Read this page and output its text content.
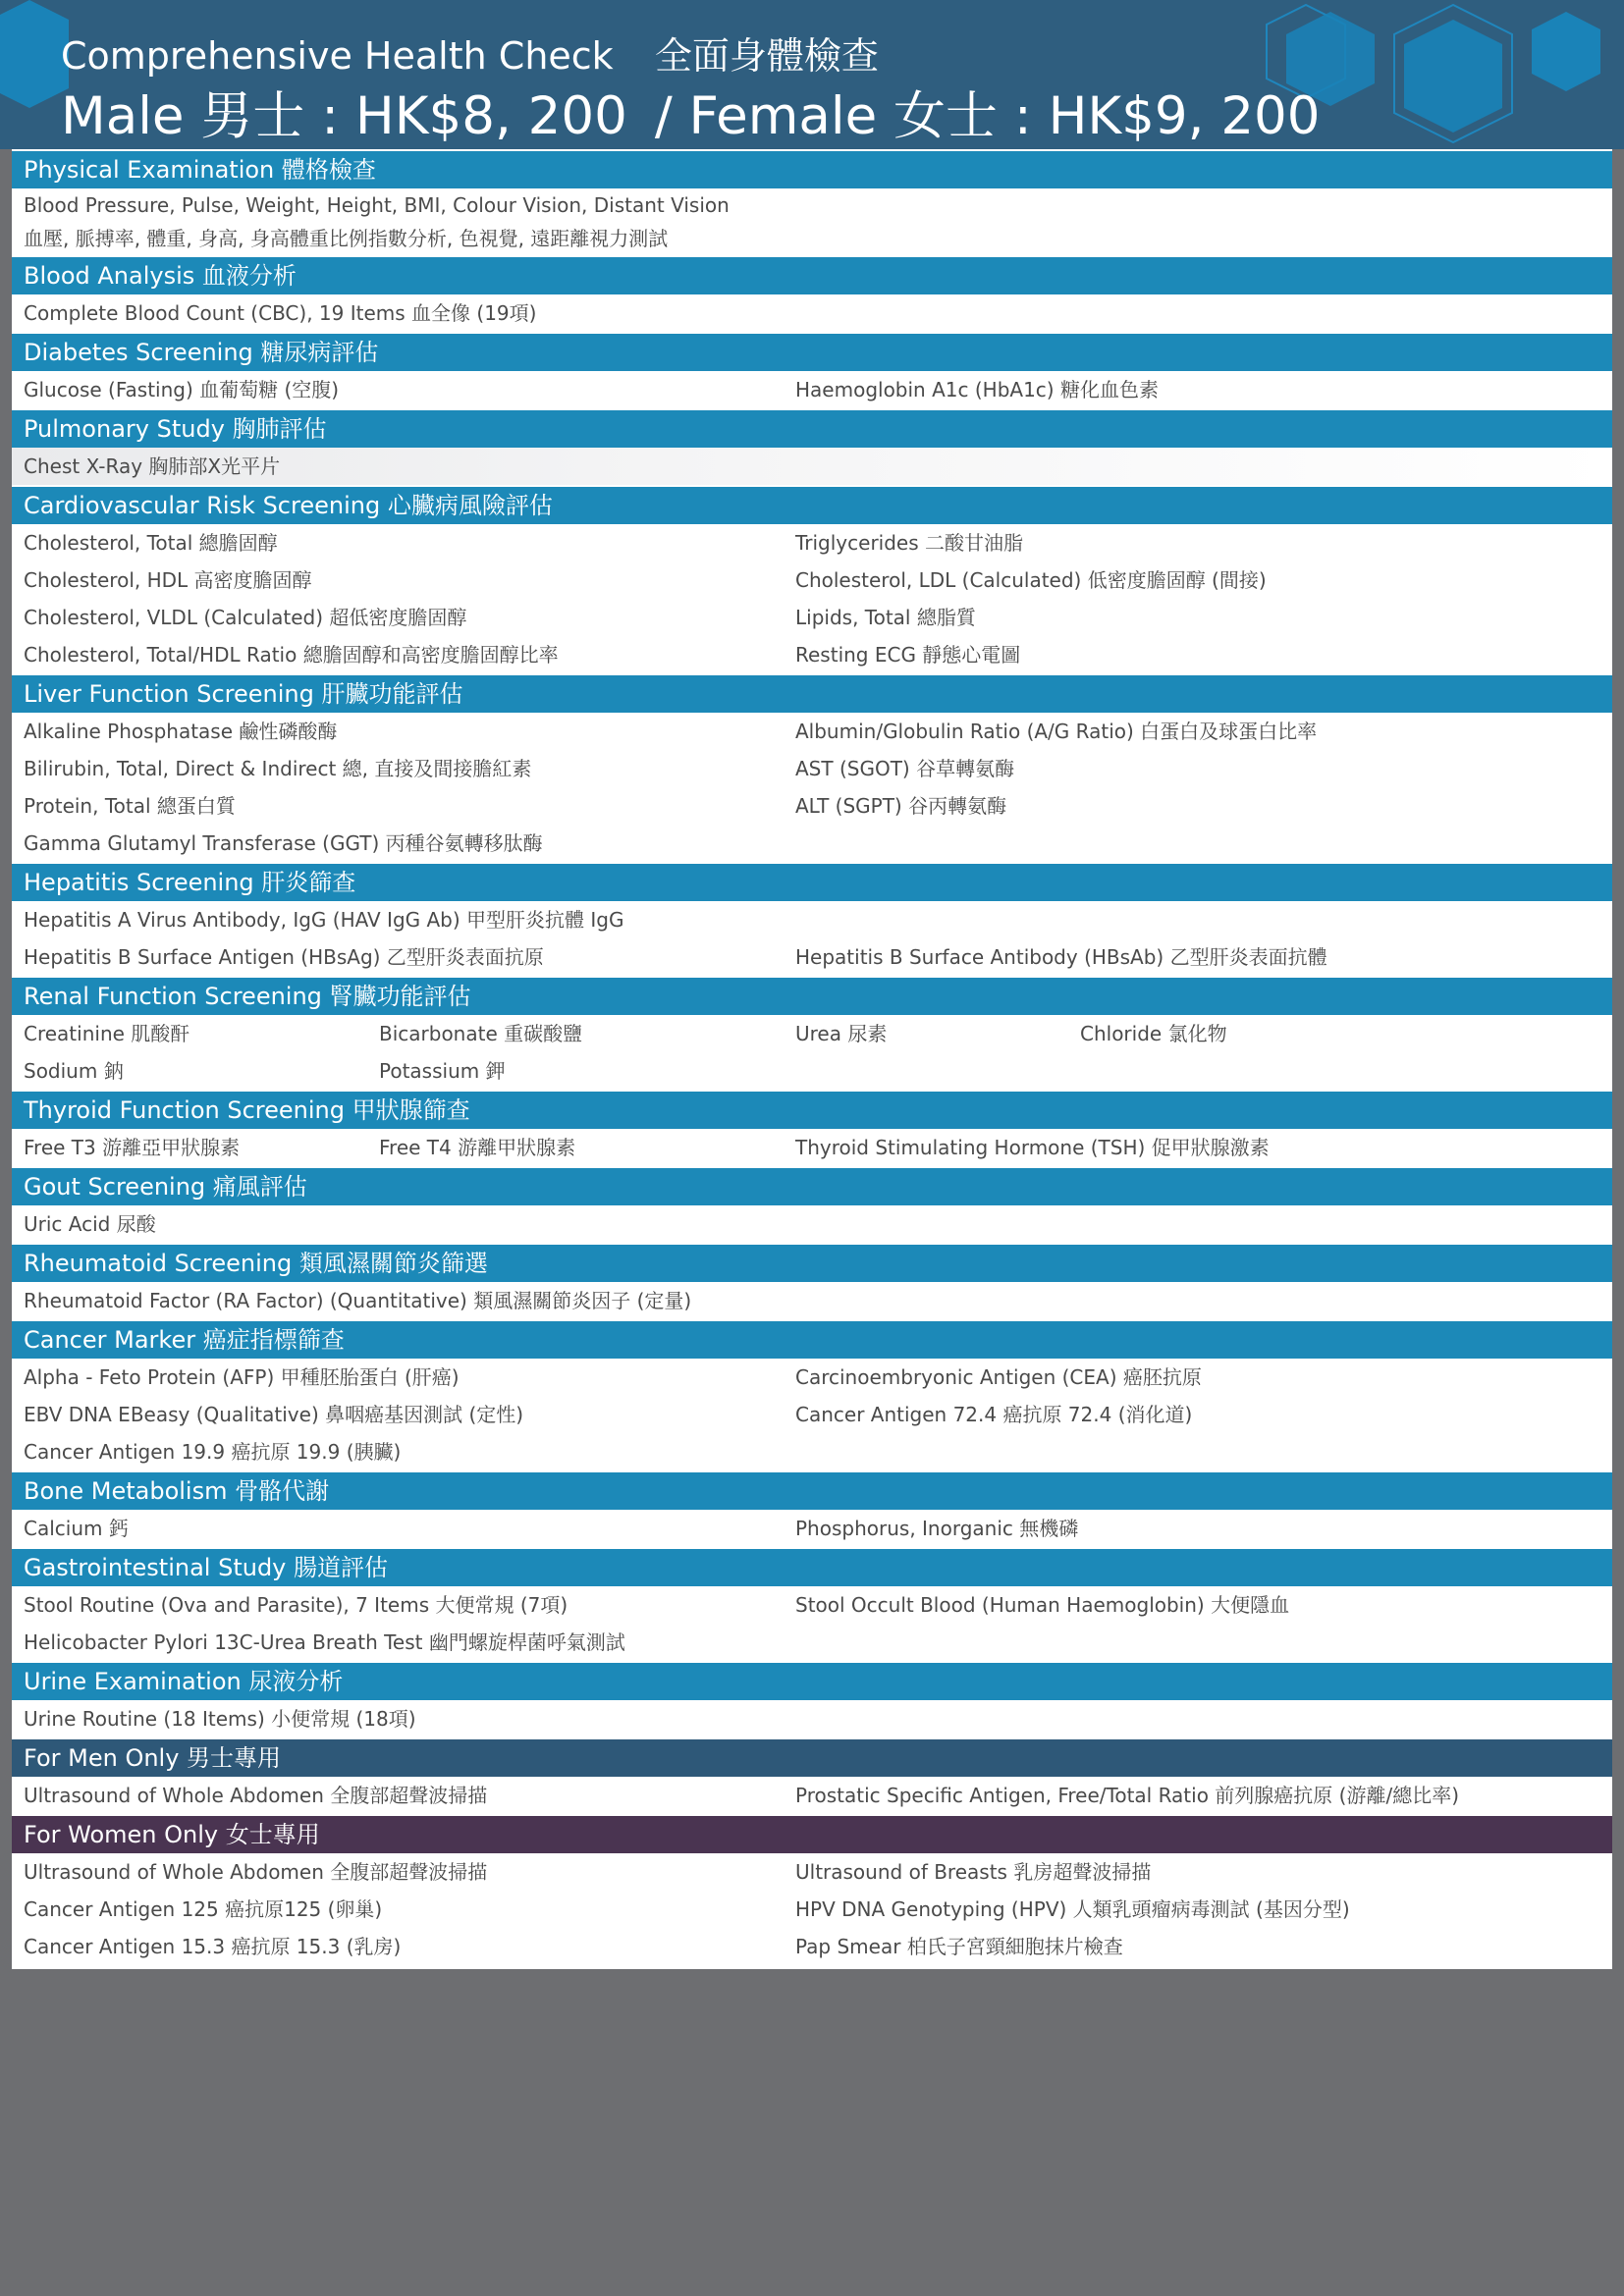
Comprehensive Health Check 全面身體檢查
Male 男士 : HK$8, 200 / Female 女士 : HK$9, 200
Physical Examination 體格檢查
Blood Pressure, Pulse, Weight, Height, BMI, Colour Vision, Distant Vision
血壓, 脈搏率, 體重, 身高, 身高體重比例指數分析, 色視覺, 遠距離視力測試
Blood Analysis 血液分析
Complete Blood Count (CBC), 19 Items 血全像 (19項)
Diabetes Screening 糖尿病評估
Glucose (Fasting) 血葡萄糖 (空腹)	Haemoglobin A1c (HbA1c) 糖化血色素
Pulmonary Study 胸肺評估
Chest X-Ray 胸肺部X光平片
Cardiovascular Risk Screening 心臟病風險評估
Cholesterol, Total 總膽固醇	Triglycerides 二酸甘油脂
Cholesterol, HDL 高密度膽固醇	Cholesterol, LDL (Calculated) 低密度膽固醇 (間接)
Cholesterol, VLDL (Calculated) 超低密度膽固醇	Lipids, Total 總脂質
Cholesterol, Total/HDL Ratio 總膽固醇和高密度膽固醇比率	Resting ECG 靜態心電圖
Liver Function Screening 肝臟功能評估
Alkaline Phosphatase 鹼性磷酸酶	Albumin/Globulin Ratio (A/G Ratio) 白蛋白及球蛋白比率
Bilirubin, Total, Direct & Indirect 總, 直接及間接膽紅素	AST (SGOT) 谷草轉氨酶
Protein, Total 總蛋白質	ALT (SGPT) 谷丙轉氨酶
Gamma Glutamyl Transferase (GGT) 丙種谷氨轉移肽酶
Hepatitis Screening 肝炎篩查
Hepatitis A Virus Antibody, IgG (HAV IgG Ab) 甲型肝炎抗體 IgG
Hepatitis B Surface Antigen (HBsAg) 乙型肝炎表面抗原	Hepatitis B Surface Antibody (HBsAb) 乙型肝炎表面抗體
Renal Function Screening 腎臟功能評估
Creatinine 肌酸酐	Bicarbonate 重碳酸鹽	Urea 尿素	Chloride 氯化物
Sodium 鈉	Potassium 鉀
Thyroid Function Screening 甲狀腺篩查
Free T3 游離亞甲狀腺素	Free T4 游離甲狀腺素	Thyroid Stimulating Hormone (TSH) 促甲狀腺激素
Gout Screening 痛風評估
Uric Acid 尿酸
Rheumatoid Screening 類風濕關節炎篩選
Rheumatoid Factor (RA Factor) (Quantitative) 類風濕關節炎因子 (定量)
Cancer Marker 癌症指標篩查
Alpha - Feto Protein (AFP) 甲種胚胎蛋白 (肝癌)	Carcinoembryonic Antigen (CEA) 癌胚抗原
EBV DNA EBeasy (Qualitative) 鼻咽癌基因測試 (定性)	Cancer Antigen 72.4 癌抗原 72.4 (消化道)
Cancer Antigen 19.9 癌抗原 19.9 (胰臟)
Bone Metabolism 骨骼代謝
Calcium 鈣	Phosphorus, Inorganic 無機磷
Gastrointestinal Study 腸道評估
Stool Routine (Ova and Parasite), 7 Items 大便常規 (7項)	Stool Occult Blood (Human Haemoglobin) 大便隱血
Helicobacter Pylori 13C-Urea Breath Test 幽門螺旋桿菌呼氣測試
Urine Examination 尿液分析
Urine Routine (18 Items) 小便常規 (18項)
For Men Only 男士專用
Ultrasound of Whole Abdomen 全腹部超聲波掃描	Prostatic Specific Antigen, Free/Total Ratio 前列腺癌抗原 (游離/總比率)
For Women Only 女士專用
Ultrasound of Whole Abdomen 全腹部超聲波掃描	Ultrasound of Breasts 乳房超聲波掃描
Cancer Antigen 125 癌抗原125 (卵巢)	HPV DNA Genotyping (HPV) 人類乳頭瘤病毒測試 (基因分型)
Cancer Antigen 15.3 癌抗原 15.3 (乳房)	Pap Smear 柏氏子宮頸細胞抹片檢查
